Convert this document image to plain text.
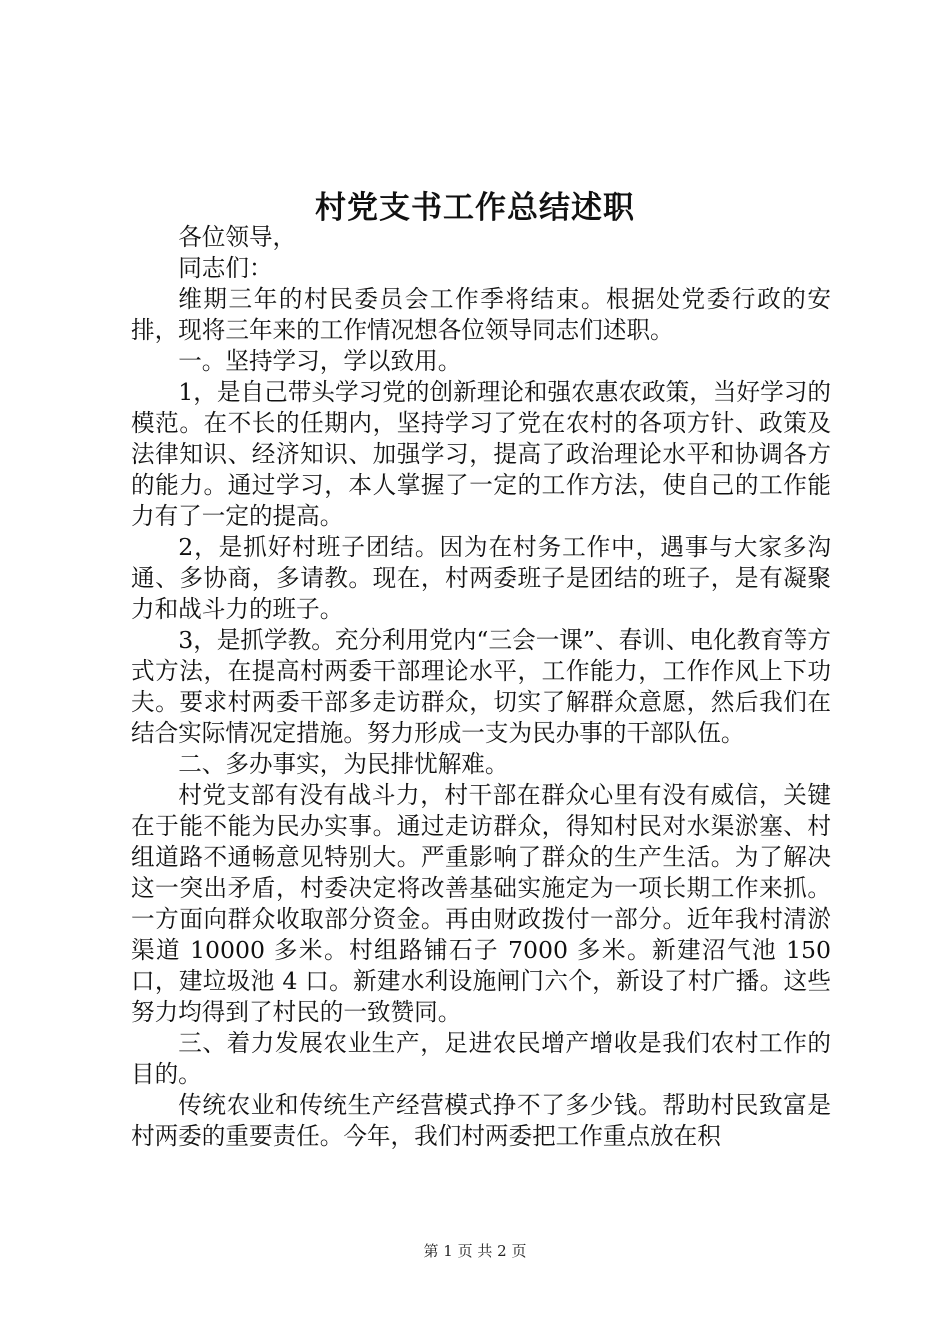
村党支书工作总结述职

各位领导，

同志们：

维期三年的村民委员会工作季将结束。根据处党委行政的安排，现将三年来的工作情况想各位领导同志们述职。

一。坚持学习，学以致用。

1，是自己带头学习党的创新理论和强农惠农政策，当好学习的模范。在不长的任期内，坚持学习了党在农村的各项方针、政策及法律知识、经济知识、加强学习，提高了政治理论水平和协调各方的能力。通过学习，本人掌握了一定的工作方法，使自己的工作能力有了一定的提高。

2，是抓好村班子团结。因为在村务工作中，遇事与大家多沟通、多协商，多请教。现在，村两委班子是团结的班子，是有凝聚力和战斗力的班子。

3，是抓学教。充分利用党内“三会一课”、春训、电化教育等方式方法，在提高村两委干部理论水平，工作能力，工作作风上下功夫。要求村两委干部多走访群众，切实了解群众意愿，然后我们在结合实际情况定措施。努力形成一支为民办事的干部队伍。

二、多办事实，为民排忧解难。

村党支部有没有战斗力，村干部在群众心里有没有威信，关键在于能不能为民办实事。通过走访群众，得知村民对水渠淤塞、村组道路不通畅意见特别大。严重影响了群众的生产生活。为了解决这一突出矛盾，村委决定将改善基础实施定为一项长期工作来抓。一方面向群众收取部分资金。再由财政拨付一部分。近年我村清淤渠道 10000 多米。村组路铺石子 7000 多米。新建沼气池 150 口，建垃圾池 4 口。新建水利设施闸门六个，新设了村广播。这些努力均得到了村民的一致赞同。

三、着力发展农业生产，足进农民增产增收是我们农村工作的目的。

传统农业和传统生产经营模式挣不了多少钱。帮助村民致富是村两委的重要责任。今年，我们村两委把工作重点放在积

第 1 页 共 2 页
